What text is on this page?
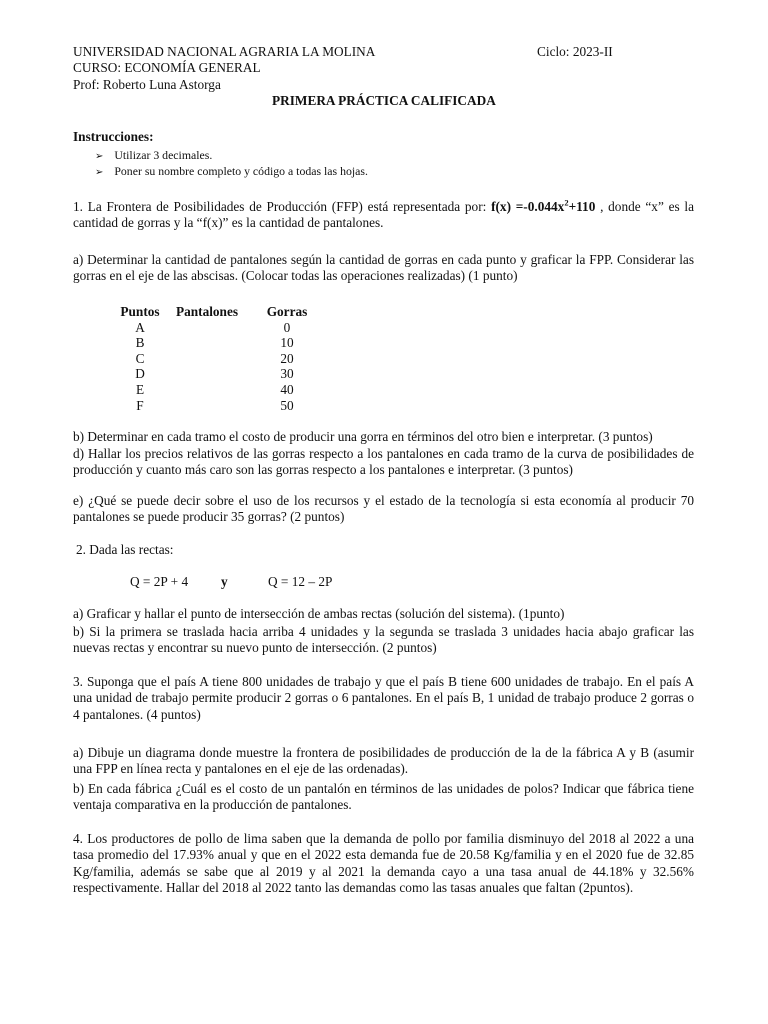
UNIVERSIDAD NACIONAL AGRARIA LA MOLINA	Ciclo: 2023-II
CURSO: ECONOMÍA GENERAL
Prof: Roberto Luna Astorga
PRIMERA PRÁCTICA CALIFICADA
Instrucciones:
➢ Utilizar 3 decimales.
➢ Poner su nombre completo y código a todas las hojas.
1. La Frontera de Posibilidades de Producción (FFP) está representada por: $f(x) =-0.044x^2+110$ , donde “x” es la cantidad de gorras y la “f(x)” es la cantidad de pantalones.
a) Determinar la cantidad de pantalones según la cantidad de gorras en cada punto y graficar la FPP. Considerar las gorras en el eje de las abscisas. (Colocar todas las operaciones realizadas) (1 punto)
Puntos	Pantalones	Gorras
A		0
B		10
C		20
D		30
E		40
F		50
b) Determinar en cada tramo el costo de producir una gorra en términos del otro bien e interpretar. (3 puntos)
d) Hallar los precios relativos de las gorras respecto a los pantalones en cada tramo de la curva de posibilidades de producción y cuanto más caro son las gorras respecto a los pantalones e interpretar. (3 puntos)
e) ¿Qué se puede decir sobre el uso de los recursos y el estado de la tecnología si esta economía al producir 70 pantalones se puede producir 35 gorras? (2 puntos)
2. Dada las rectas:
Q = 2P + 4 y	Q = 12 – 2P
a) Graficar y hallar el punto de intersección de ambas rectas (solución del sistema). (1punto)
b) Si la primera se traslada hacia arriba 4 unidades y la segunda se traslada 3 unidades hacia abajo graficar las nuevas rectas y encontrar su nuevo punto de intersección. (2 puntos)
3. Suponga que el país A tiene 800 unidades de trabajo y que el país B tiene 600 unidades de trabajo. En el país A una unidad de trabajo permite producir 2 gorras o 6 pantalones. En el país B, 1 unidad de trabajo produce 2 gorras o 4 pantalones. (4 puntos)
a) Dibuje un diagrama donde muestre la frontera de posibilidades de producción de la de la fábrica A y B (asumir una FPP en línea recta y pantalones en el eje de las ordenadas).
b) En cada fábrica ¿Cuál es el costo de un pantalón en términos de las unidades de polos? Indicar que fábrica tiene ventaja comparativa en la producción de pantalones.
4. Los productores de pollo de lima saben que la demanda de pollo por familia disminuyo del 2018 al 2022 a una tasa promedio del 17.93% anual y que en el 2022 esta demanda fue de 20.58 Kg/familia y en el 2020 fue de 32.85 Kg/familia, además se sabe que al 2019 y al 2021 la demanda cayo a una tasa anual de 44.18% y 32.56% respectivamente. Hallar del 2018 al 2022 tanto las demandas como las tasas anuales que faltan (2puntos).
